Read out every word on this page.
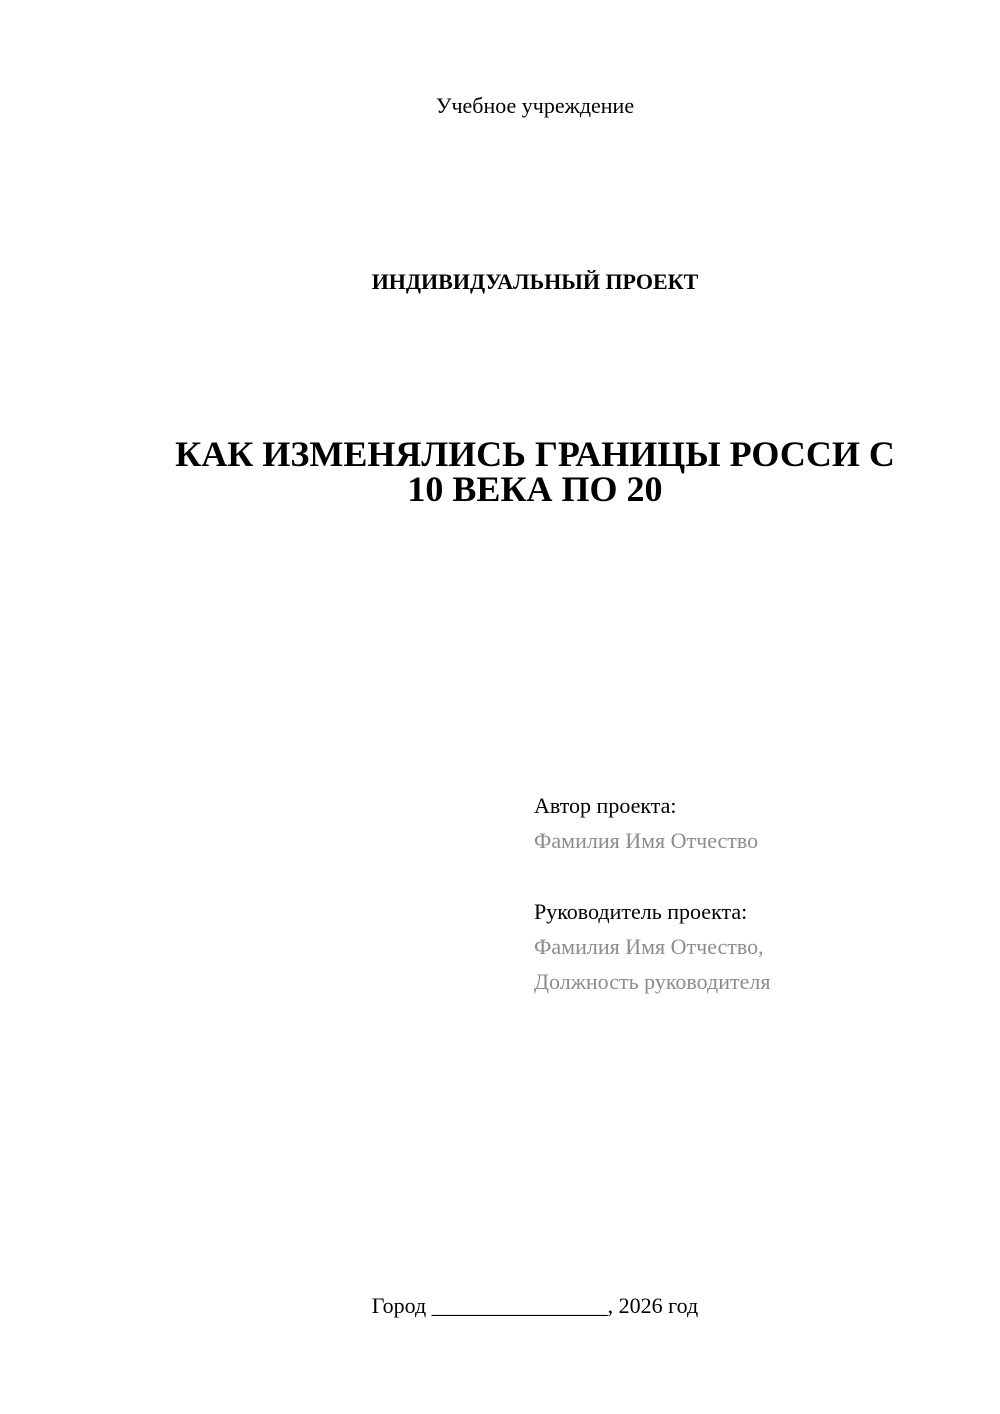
Учебное учреждение

ИНДИВИДУАЛЬНЫЙ ПРОЕКТ

КАК ИЗМЕНЯЛИСЬ ГРАНИЦЫ РОССИ С
10 ВЕКА ПО 20

Автор проекта:

Фамилия Имя Отчество

Руководитель проекта:

Фамилия Имя Отчество,

Должность руководителя

Город ________________, 2026 год
